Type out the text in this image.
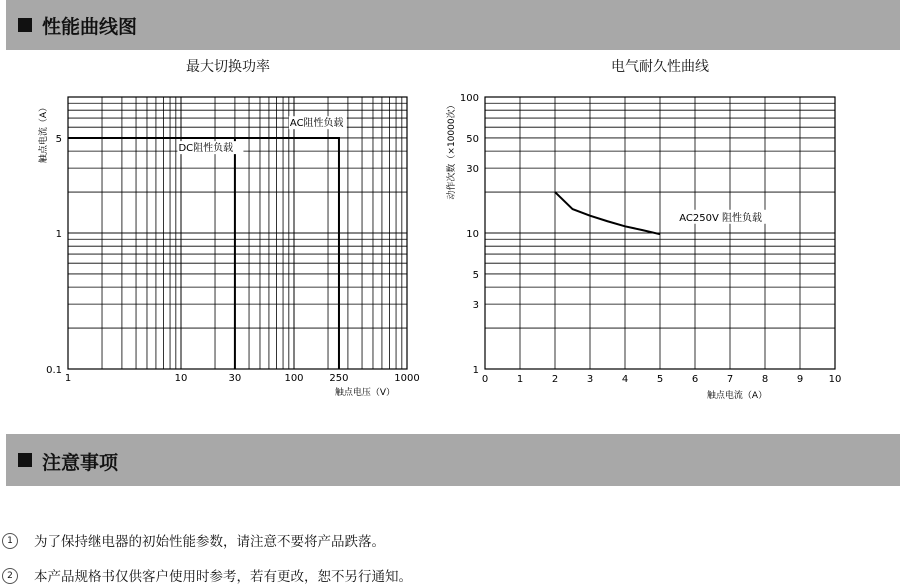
性能曲线图
最大切换功率	电气耐久性曲线
DC阻性负载
AC阻性负载
1	10	30	100	250	1000
0.1
1
5
触点电压（V）
触点电流（A）
AC250V 阻性负载
0	1	2	3	4	5	6	7	8	9	10
1
3
5
10
30
50
100
触点电流（A）
动作次数（×10000次）
注意事项
1 为了保持继电器的初始性能参数，请注意不要将产品跌落。
2 本产品规格书仅供客户使用时参考，若有更改，恕不另行通知。
